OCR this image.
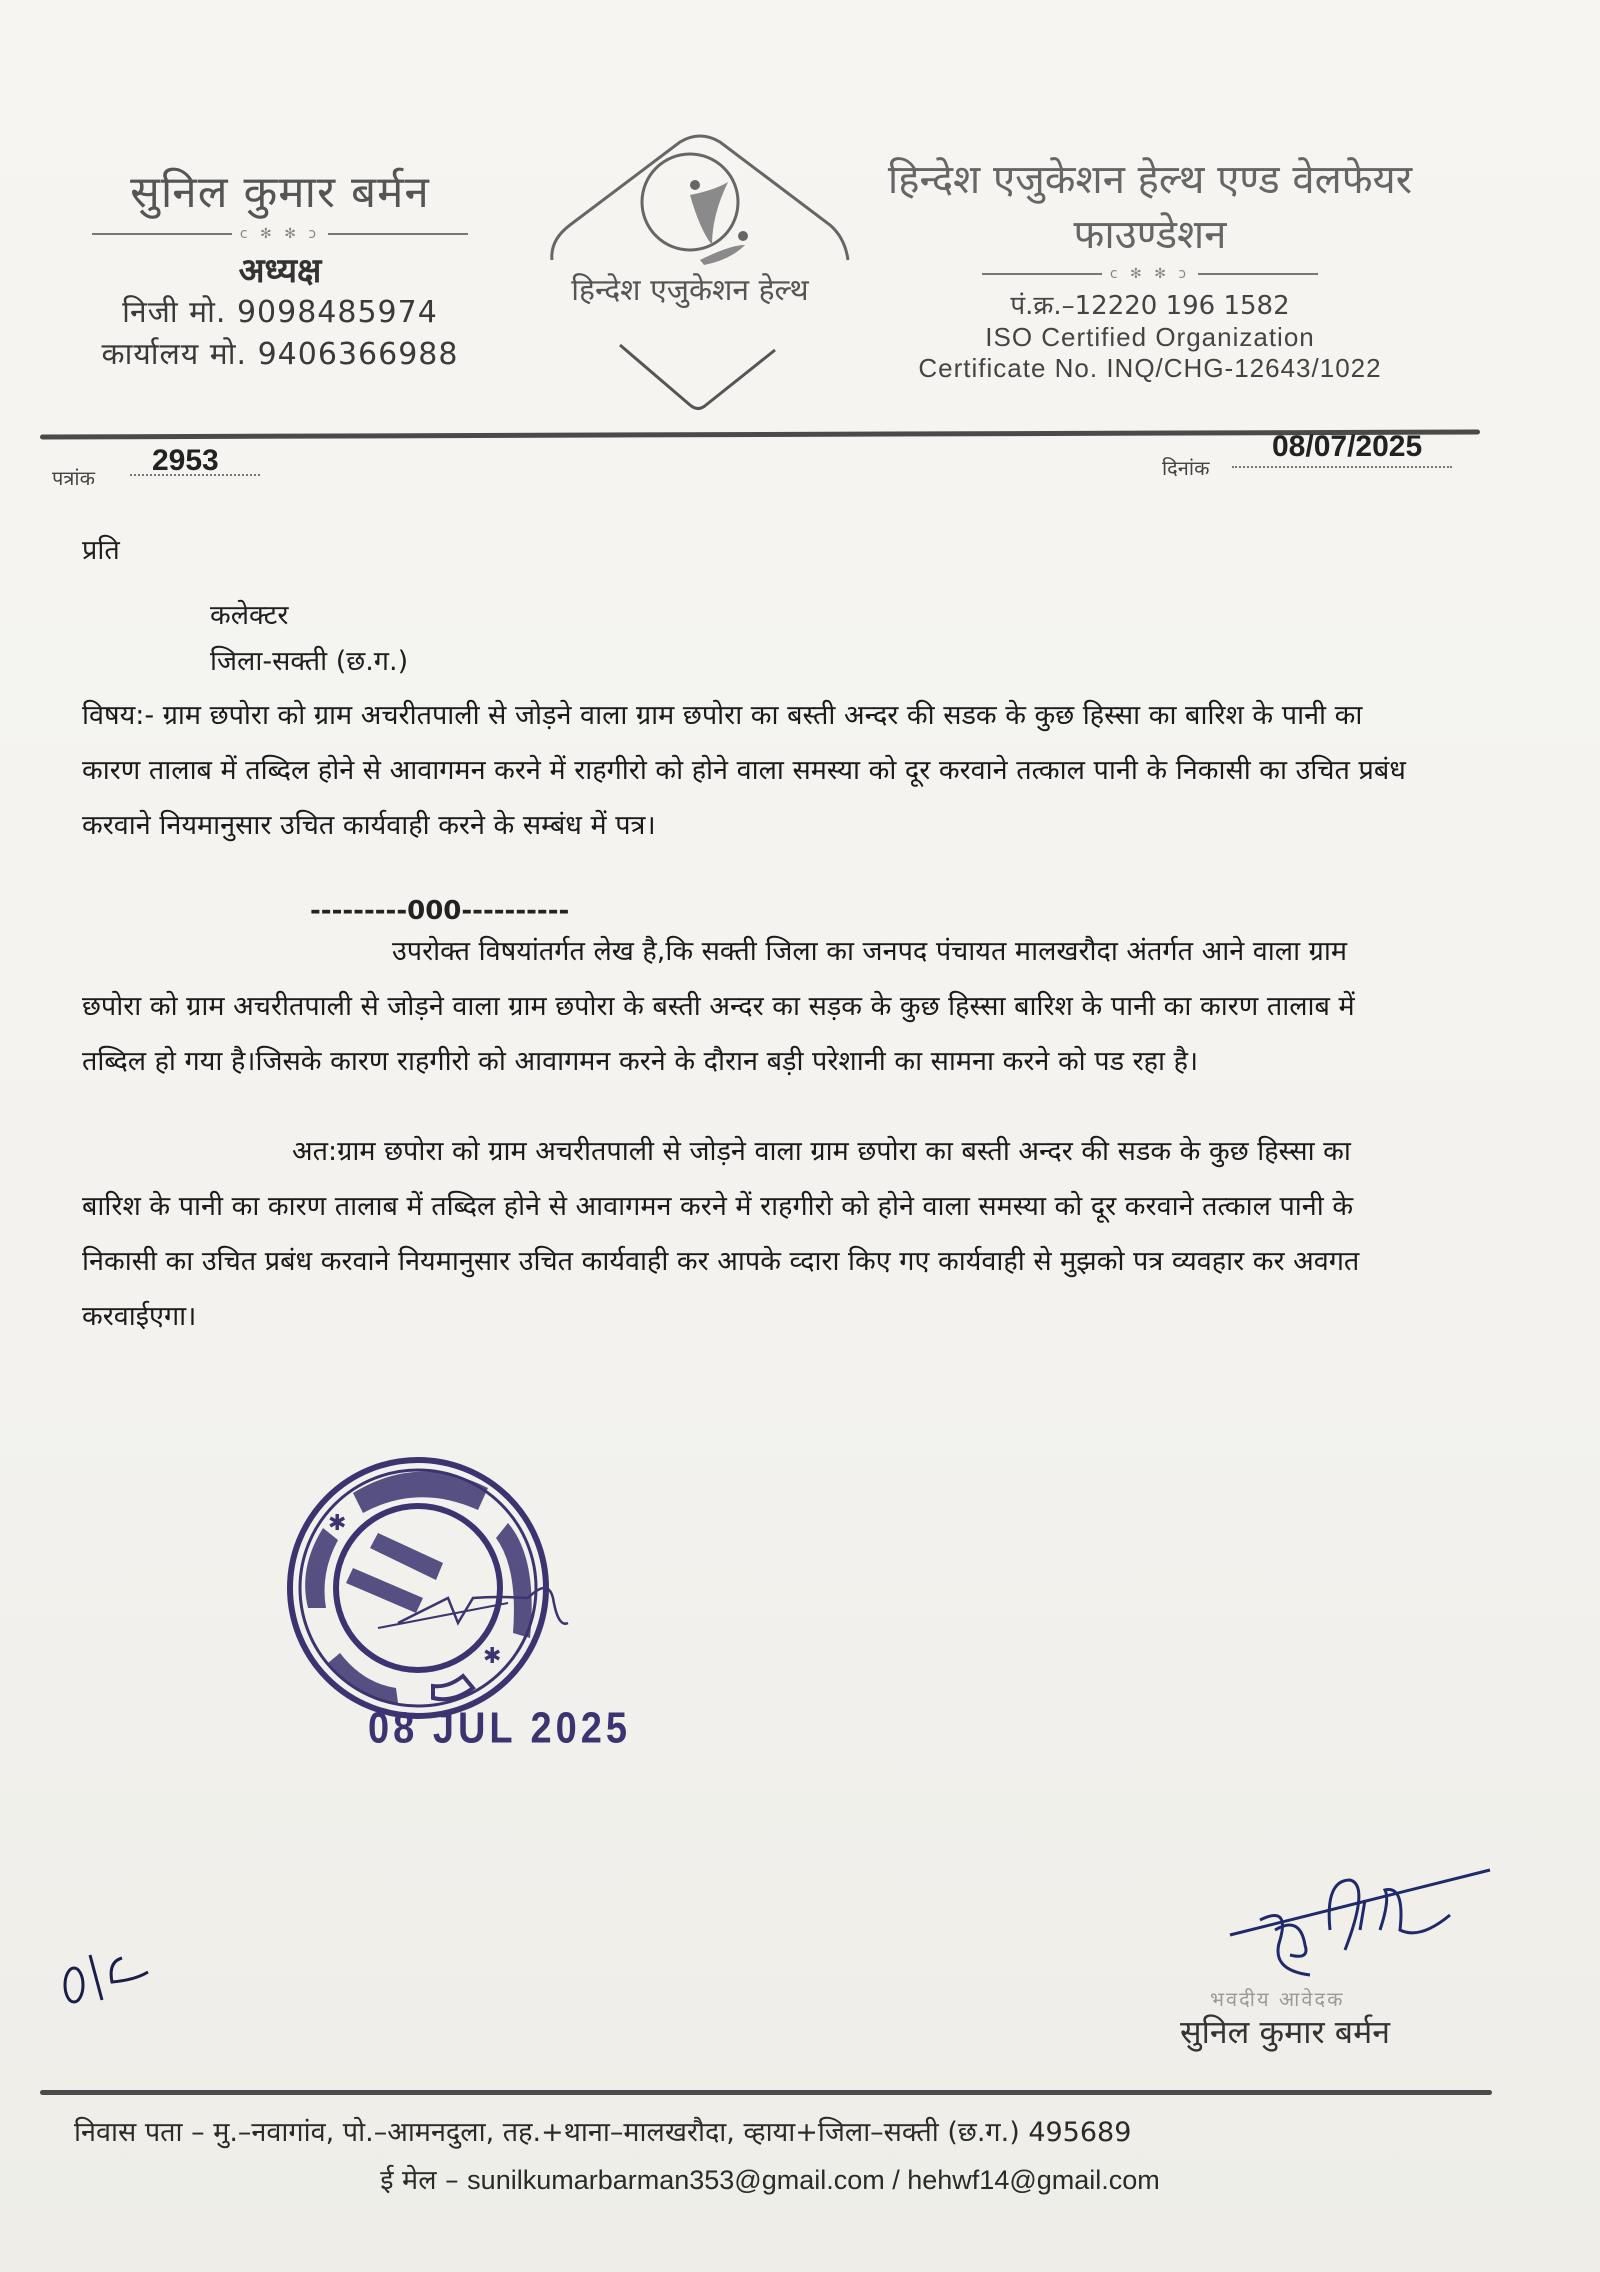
सुनिल कुमार बर्मन
c ✻ ✻ ɔ
अध्यक्ष
निजी मो. 9098485974
कार्यालय मो. 9406366988
हिन्देश एजुकेशन हेल्थ
हिन्देश एजुकेशन हेल्थ एण्ड वेलफेयर फाउण्डेशन
c ✻ ✻ ɔ
पं.क्र.–12220 196 1582
ISO Certified Organization
Certificate No. INQ/CHG-12643/1022
पत्रांक
2953	दिनांक
08/07/2025
प्रति
कलेक्टर
जिला-सक्ती (छ.ग.)
विषय:- ग्राम छपोरा को ग्राम अचरीतपाली से जोड़ने वाला ग्राम छपोरा का बस्ती अन्दर की सडक के कुछ हिस्सा का बारिश के पानी का कारण तालाब में तब्दिल होने से आवागमन करने में राहगीरो को होने वाला समस्या को दूर करवाने तत्काल पानी के निकासी का उचित प्रबंध करवाने नियमानुसार उचित कार्यवाही करने के सम्बंध में पत्र।
---------000----------
उपरोक्त विषयांतर्गत लेख है,कि सक्ती जिला का जनपद पंचायत मालखरौदा अंतर्गत आने वाला ग्राम छपोरा को ग्राम अचरीतपाली से जोड़ने वाला ग्राम छपोरा के बस्ती अन्दर का सड़क के कुछ हिस्सा बारिश के पानी का कारण तालाब में तब्दिल हो गया है।जिसके कारण राहगीरो को आवागमन करने के दौरान बड़ी परेशानी का सामना करने को पड रहा है।
अत:ग्राम छपोरा को ग्राम अचरीतपाली से जोड़ने वाला ग्राम छपोरा का बस्ती अन्दर की सडक के कुछ हिस्सा का बारिश के पानी का कारण तालाब में तब्दिल होने से आवागमन करने में राहगीरो को होने वाला समस्या को दूर करवाने तत्काल पानी के निकासी का उचित प्रबंध करवाने नियमानुसार उचित कार्यवाही कर आपके व्दारा किए गए कार्यवाही से मुझको पत्र व्यवहार कर अवगत करवाईएगा।
✱
✱
08 JUL 2025
भवदीय आवेदक
सुनिल कुमार बर्मन
निवास पता – मु.–नवागांव, पो.–आमनदुला, तह.+थाना–मालखरौदा, व्हाया+जिला–सक्ती (छ.ग.) 495689
ई मेल – sunilkumarbarman353@gmail.com / hehwf14@gmail.com
